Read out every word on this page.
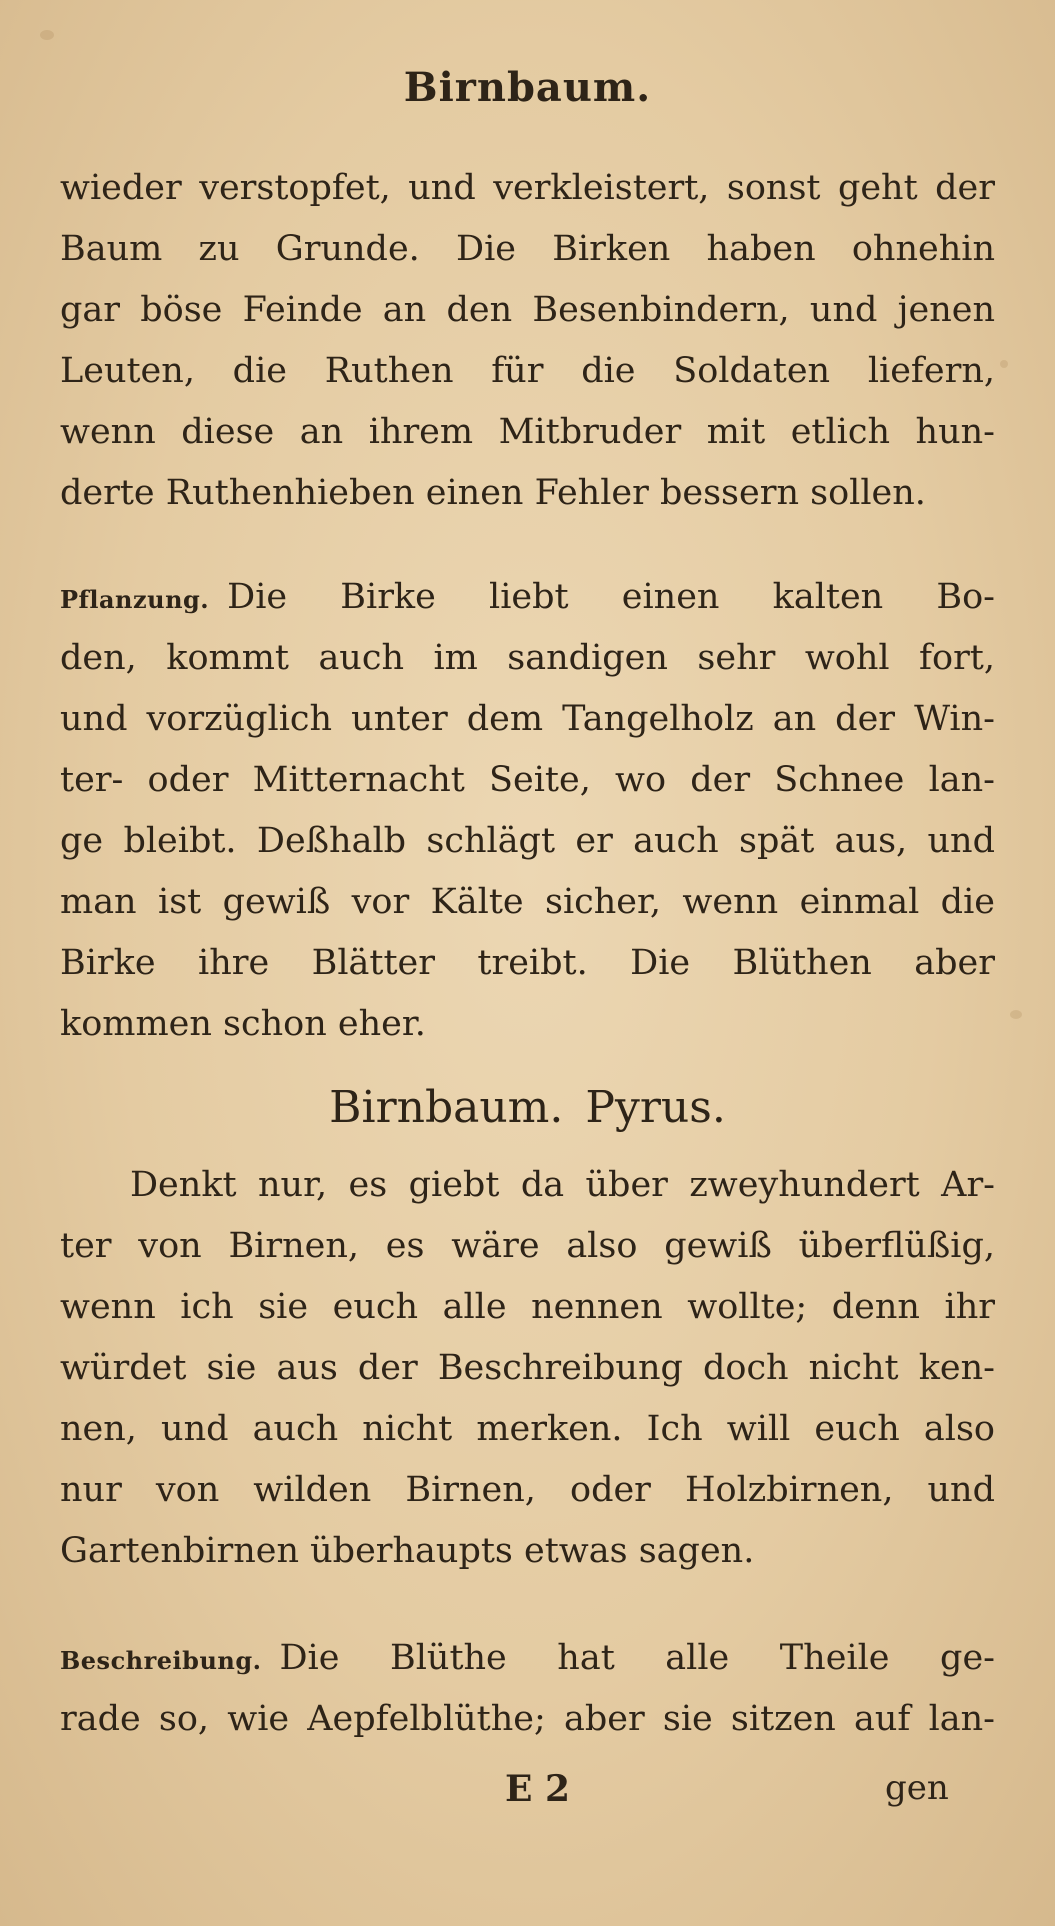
Birnbaum.
wieder verstopfet, und verkleistert, sonst geht der
Baum zu Grunde. Die Birken haben ohnehin
gar böse Feinde an den Besenbindern, und jenen
Leuten, die Ruthen für die Soldaten liefern,
wenn diese an ihrem Mitbruder mit etlich hun-
derte Ruthenhieben einen Fehler bessern sollen.
Pflanzung. Die Birke liebt einen kalten Bo-
den, kommt auch im sandigen sehr wohl fort,
und vorzüglich unter dem Tangelholz an der Win-
ter- oder Mitternacht Seite, wo der Schnee lan-
ge bleibt. Deßhalb schlägt er auch spät aus, und
man ist gewiß vor Kälte sicher, wenn einmal die
Birke ihre Blätter treibt. Die Blüthen aber
kommen schon eher.
Birnbaum. Pyrus.
Denkt nur, es giebt da über zweyhundert Ar-
ter von Birnen, es wäre also gewiß überflüßig,
wenn ich sie euch alle nennen wollte; denn ihr
würdet sie aus der Beschreibung doch nicht ken-
nen, und auch nicht merken. Ich will euch also
nur von wilden Birnen, oder Holzbirnen, und
Gartenbirnen überhaupts etwas sagen.
Beschreibung. Die Blüthe hat alle Theile ge-
rade so, wie Aepfelblüthe; aber sie sitzen auf lan-
E 2	gen
